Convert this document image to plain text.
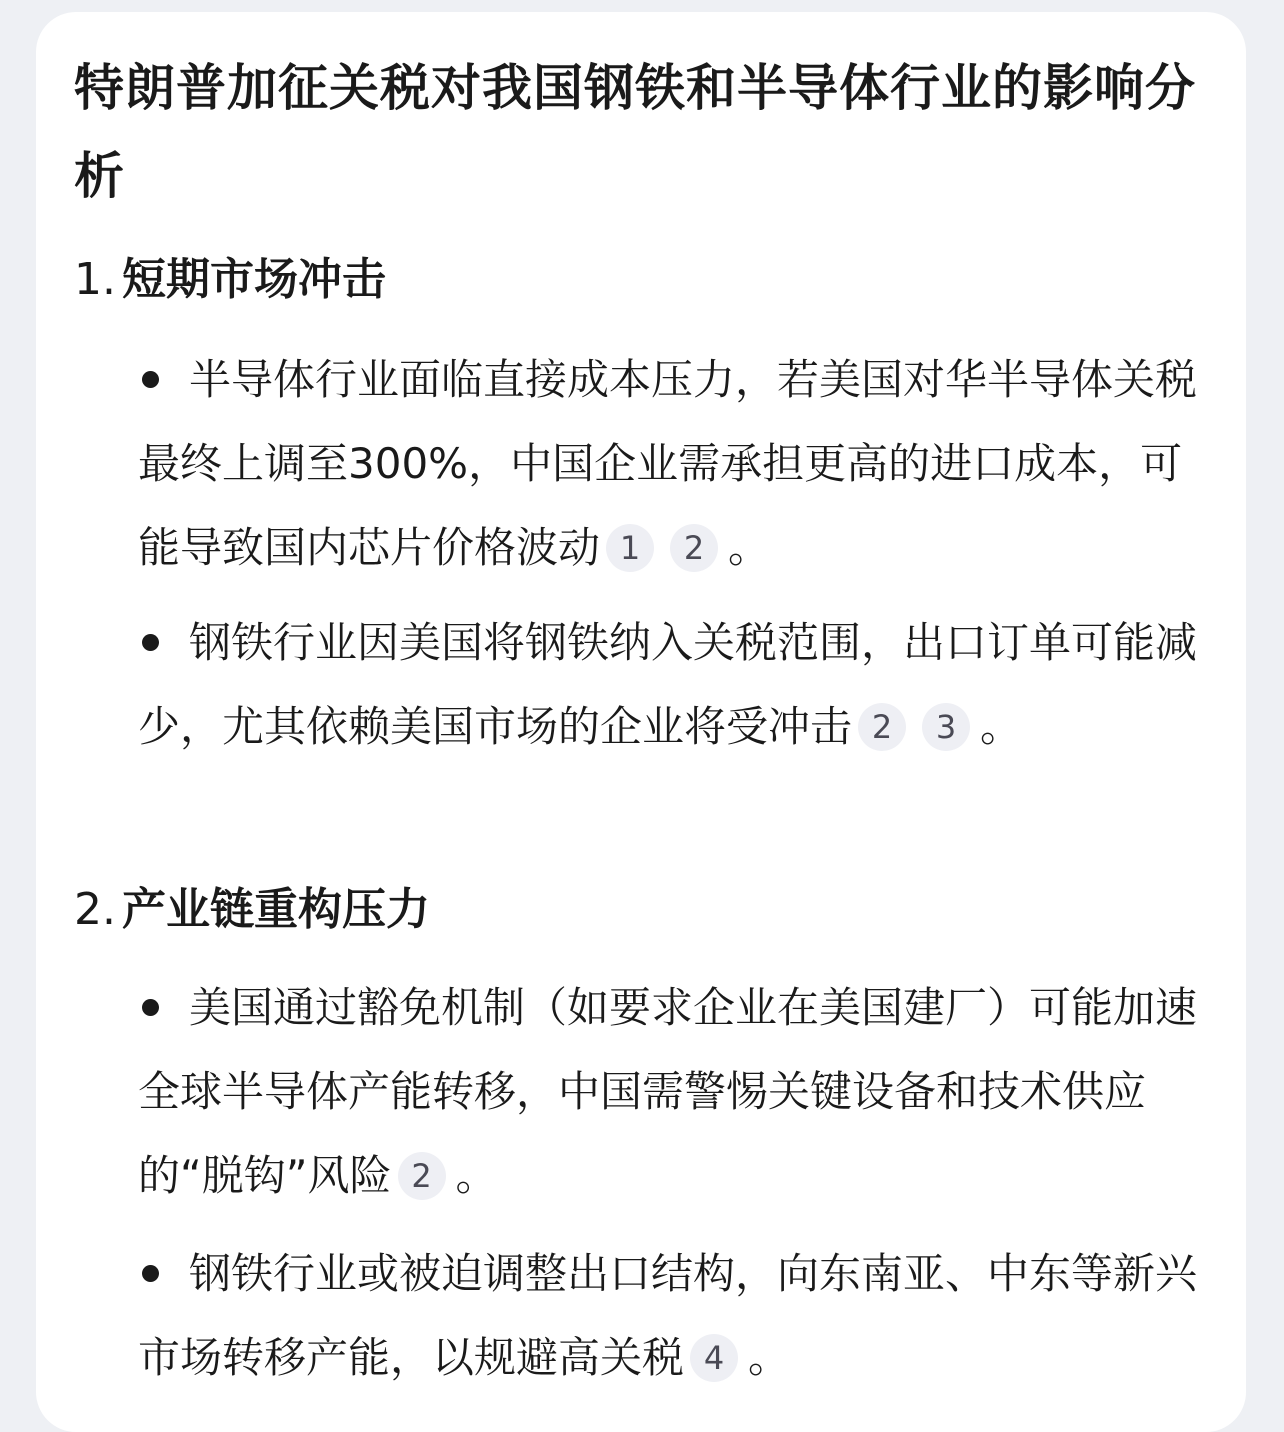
特朗普加征关税对我国钢铁和半导体行业的影响分析
1. 短期市场冲击

半导体行业面临直接成本压力，若美国对华半导体关税最终上调至300%，中国企业需承担更高的进口成本，可能导致国内芯片价格波动 1 2 。

钢铁行业因美国将钢铁纳入关税范围，出口订单可能减少，尤其依赖美国市场的企业将受冲击 2 3 。

2. 产业链重构压力

美国通过豁免机制（如要求企业在美国建厂）可能加速全球半导体产能转移，中国需警惕关键设备和技术供应的“脱钩”风险 2 。

钢铁行业或被迫调整出口结构，向东南亚、中东等新兴市场转移产能，以规避高关税 4 。
